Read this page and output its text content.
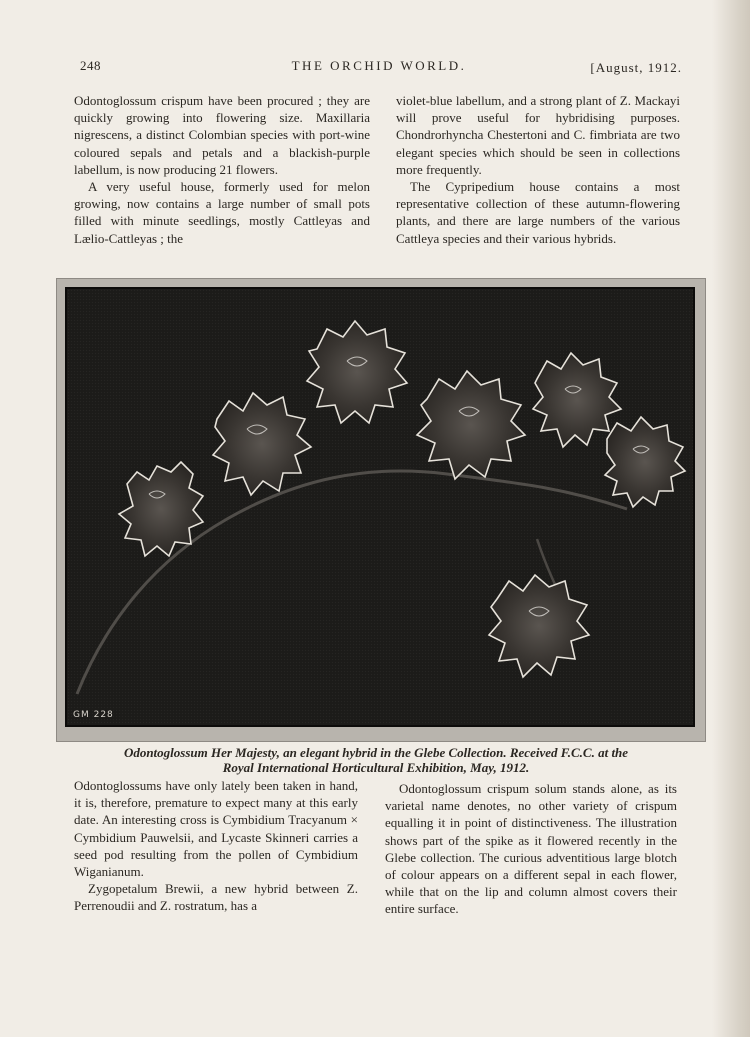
248	THE ORCHID WORLD.	[August, 1912.

Odontoglossum crispum have been procured ; they are quickly growing into flowering size. Maxillaria nigrescens, a distinct Colombian species with port-wine coloured sepals and petals and a blackish-purple labellum, is now producing 21 flowers.

A very useful house, formerly used for melon growing, now contains a large number of small pots filled with minute seedlings, mostly Cattleyas and Lælio-Cattleyas ; the

violet-blue labellum, and a strong plant of Z. Mackayi will prove useful for hybridising purposes. Chondrorhyncha Chestertoni and C. fimbriata are two elegant species which should be seen in collections more frequently.

The Cypripedium house contains a most representative collection of these autumn-flowering plants, and there are large numbers of the various Cattleya species and their various hybrids.

GM 228
Odontoglossum Her Majesty, an elegant hybrid in the Glebe Collection. Received F.C.C. at the
Royal International Horticultural Exhibition, May, 1912.

Odontoglossums have only lately been taken in hand, it is, therefore, premature to expect many at this early date. An interesting cross is Cymbidium Tracyanum × Cymbidium Pauwelsii, and Lycaste Skinneri carries a seed pod resulting from the pollen of Cymbidium Wiganianum.

Zygopetalum Brewii, a new hybrid between Z. Perrenoudii and Z. rostratum, has a

Odontoglossum crispum solum stands alone, as its varietal name denotes, no other variety of crispum equalling it in point of distinctiveness. The illustration shows part of the spike as it flowered recently in the Glebe collection. The curious adventitious large blotch of colour appears on a different sepal in each flower, while that on the lip and column almost covers their entire surface.
